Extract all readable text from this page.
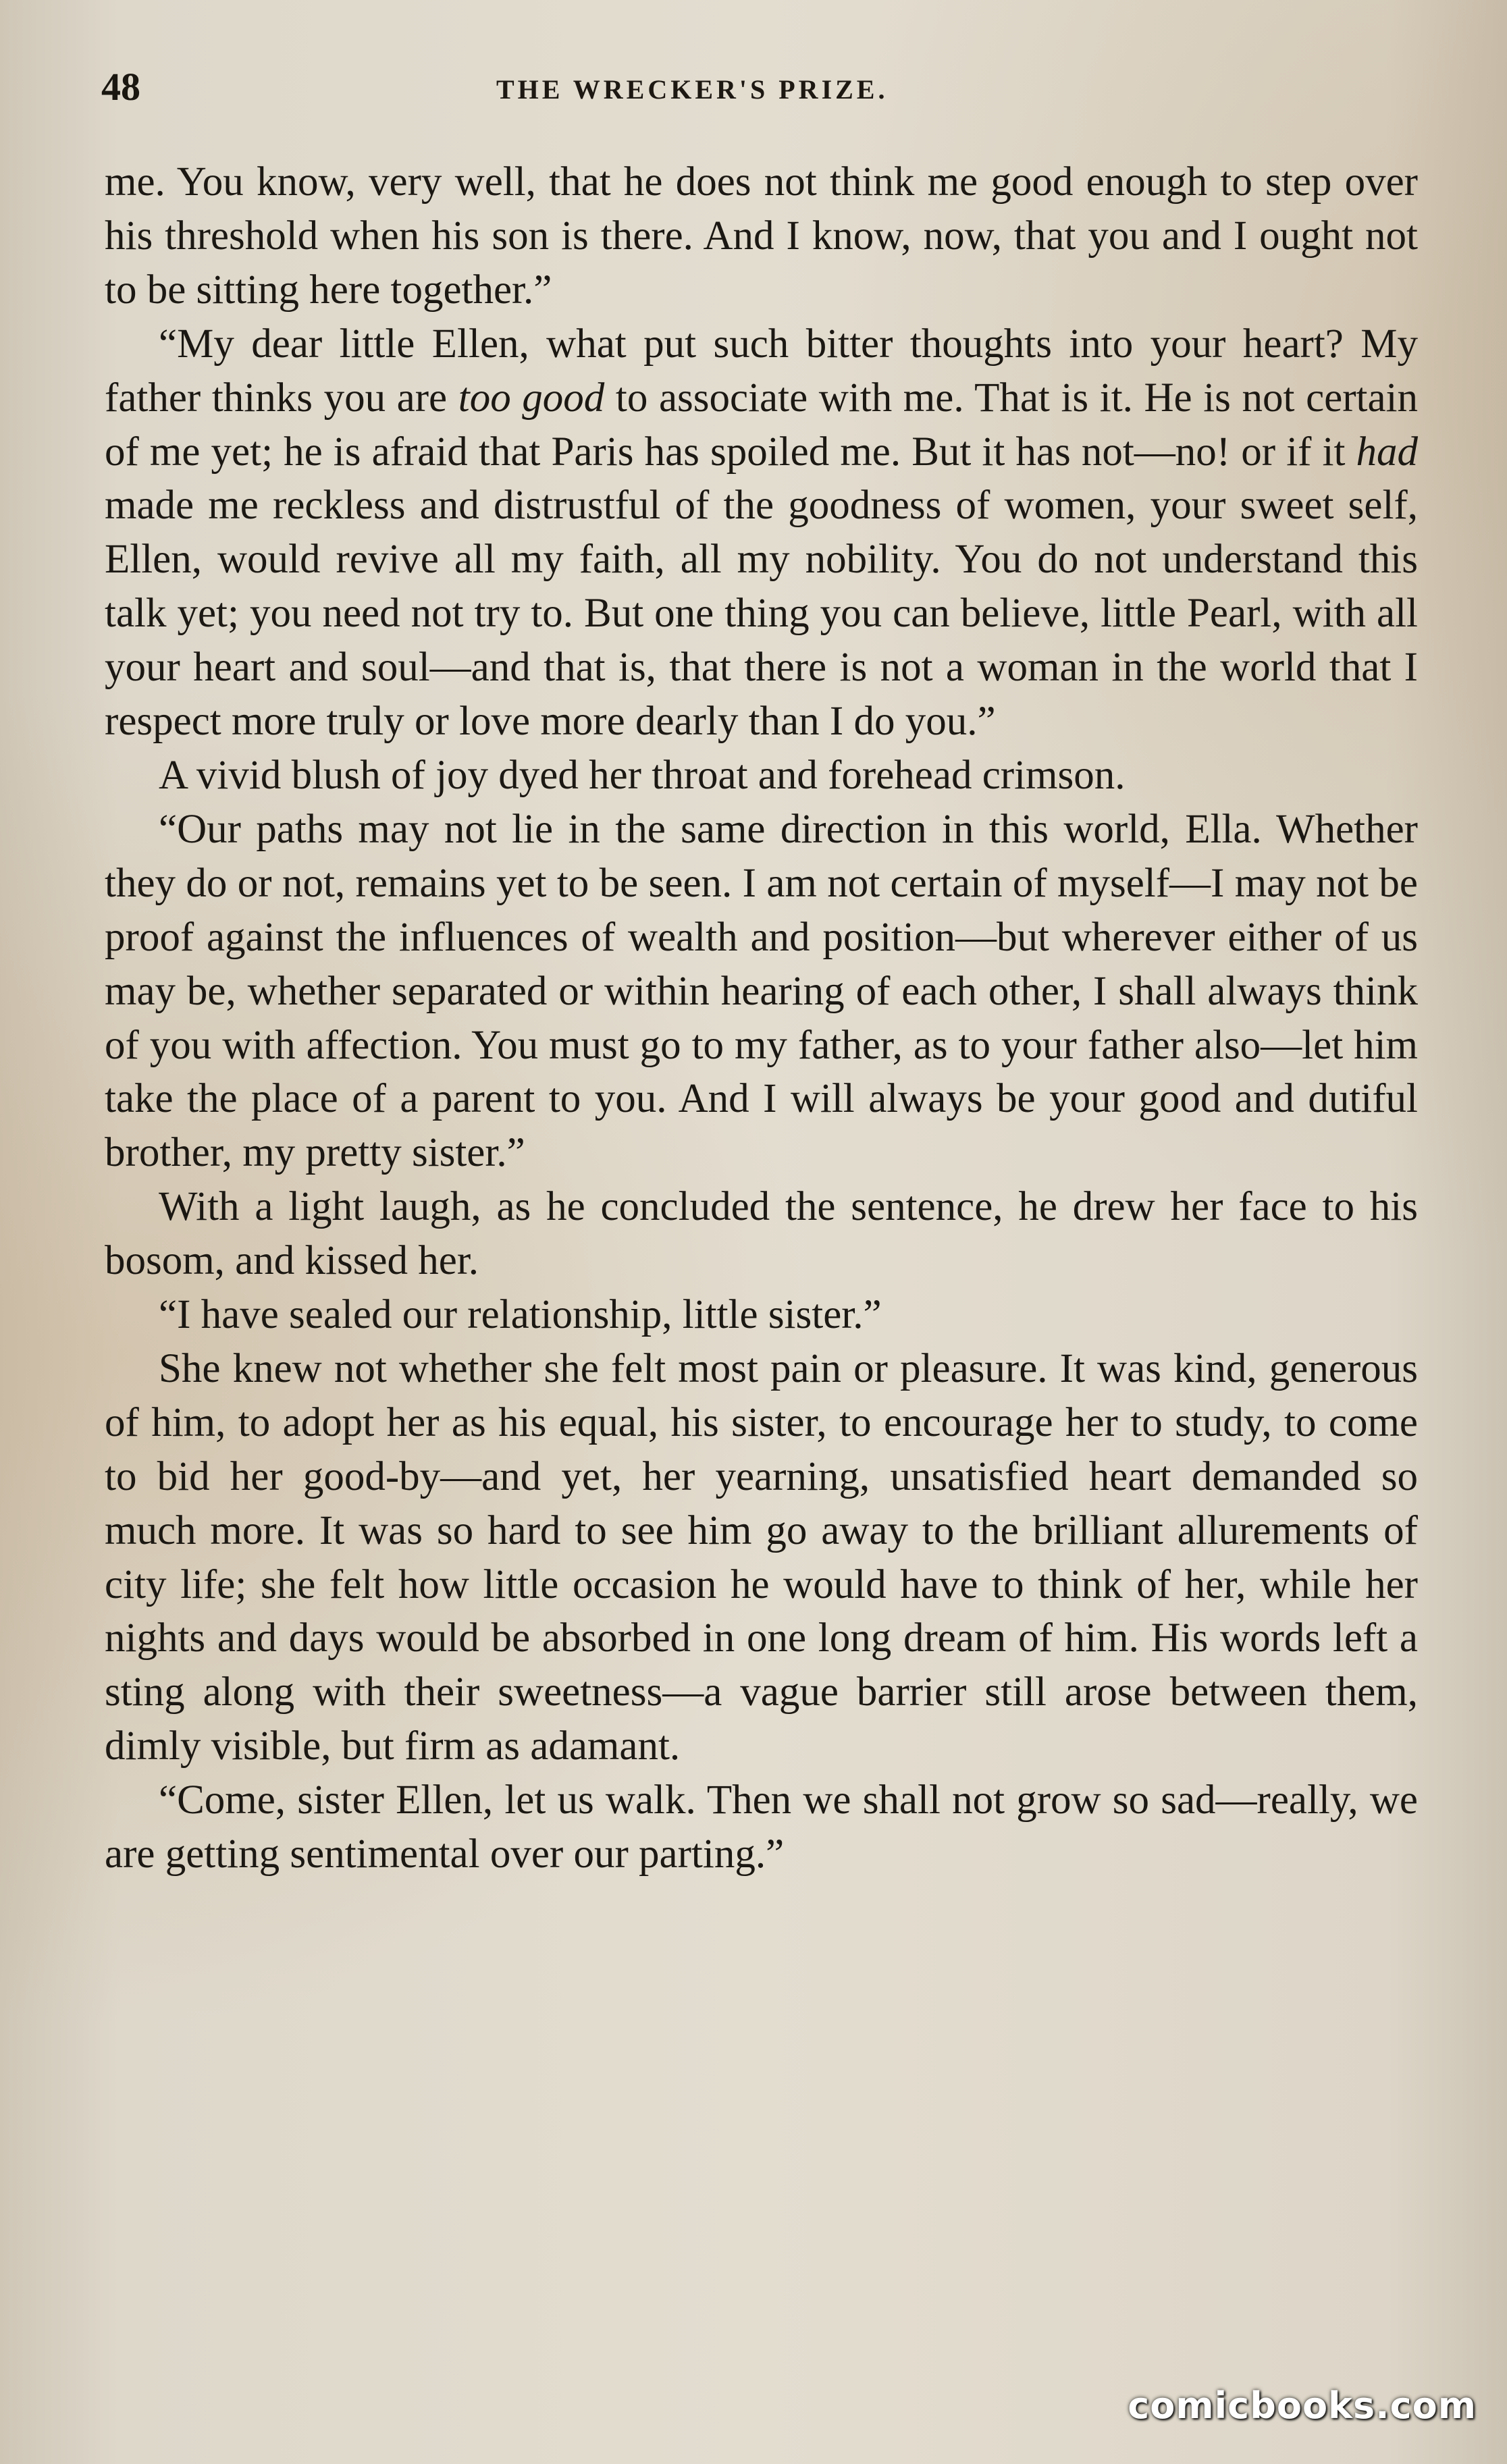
48	THE WRECKER'S PRIZE.

me. You know, very well, that he does not think me good enough to step over his threshold when his son is there. And I know, now, that you and I ought not to be sitting here together.”

“My dear little Ellen, what put such bitter thoughts into your heart? My father thinks you are too good to associate with me. That is it. He is not certain of me yet; he is afraid that Paris has spoiled me. But it has not—no! or if it had made me reckless and distrustful of the goodness of women, your sweet self, Ellen, would revive all my faith, all my nobility. You do not understand this talk yet; you need not try to. But one thing you can believe, little Pearl, with all your heart and soul—and that is, that there is not a woman in the world that I respect more truly or love more dearly than I do you.”

A vivid blush of joy dyed her throat and forehead crimson.

“Our paths may not lie in the same direction in this world, Ella. Whether they do or not, remains yet to be seen. I am not certain of myself—I may not be proof against the influences of wealth and position—but wherever either of us may be, whether separated or within hearing of each other, I shall always think of you with affection. You must go to my father, as to your father also—let him take the place of a parent to you. And I will always be your good and dutiful brother, my pretty sister.”

With a light laugh, as he concluded the sentence, he drew her face to his bosom, and kissed her.

“I have sealed our relationship, little sister.”

She knew not whether she felt most pain or pleasure. It was kind, generous of him, to adopt her as his equal, his sister, to encourage her to study, to come to bid her good-by—and yet, her yearning, unsatisfied heart demanded so much more. It was so hard to see him go away to the brilliant allurements of city life; she felt how little occasion he would have to think of her, while her nights and days would be absorbed in one long dream of him. His words left a sting along with their sweetness—a vague barrier still arose between them, dimly visible, but firm as adamant.

“Come, sister Ellen, let us walk. Then we shall not grow so sad—really, we are getting sentimental over our parting.”

comicbooks.com
